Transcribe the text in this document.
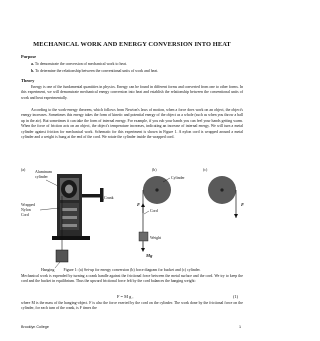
MECHANICAL WORK AND ENERGY CONVERSION INTO HEAT
Purpose
a. To demonstrate the conversion of mechanical work to heat.
b. To determine the relationship between the conventional units of work and heat.
Theory

Energy is one of the fundamental quantities in physics. Energy can be found in different forms and converted from one to other forms. In this experiment, we will demonstrate mechanical energy conversion into heat and establish the relationship between the conventional units of work and heat experimentally.

According to the work-energy theorem, which follows from Newton's laws of motion, when a force does work on an object, the object's energy increases. Sometimes this energy takes the form of kinetic and potential energy of the object as a whole (such as when you throw a ball up in the air). But sometimes it can take the form of internal energy. For example, if you rub your hands you can feel your hands getting warm. When the force of friction acts on an object, the object's temperature increases, indicating an increase of internal energy. We will turn a metal cylinder against friction for mechanical work. Schematic for this experiment is shown in Figure 1. A nylon cord is wrapped around a metal cylinder and a weight is hung at the end of the cord. We rotate the cylinder inside the wrapped cord.

(a)	(b)	(c)
Aluminum
cylinder
Crank
Wrapped
Nylon
Cord
Hanging
Cylinder
F
Cord
Weight
Mg
F
Figure 1: (a) Set-up for energy conversion (b) force diagram for bucket and (c) cylinder.

Mechanical work is expended by turning a crank handle against the frictional force between the metal surface and the cord. We try to keep the cord and the bucket in equilibrium. Thus the upward frictional force felt by the cord balances the hanging weight:

F = M g ,	(1)

where M is the mass of the hanging-object. F is also the force exerted by the cord on the cylinder. The work done by the frictional force on the cylinder, for each turn of the crank, is F times the

Brooklyn College	1
